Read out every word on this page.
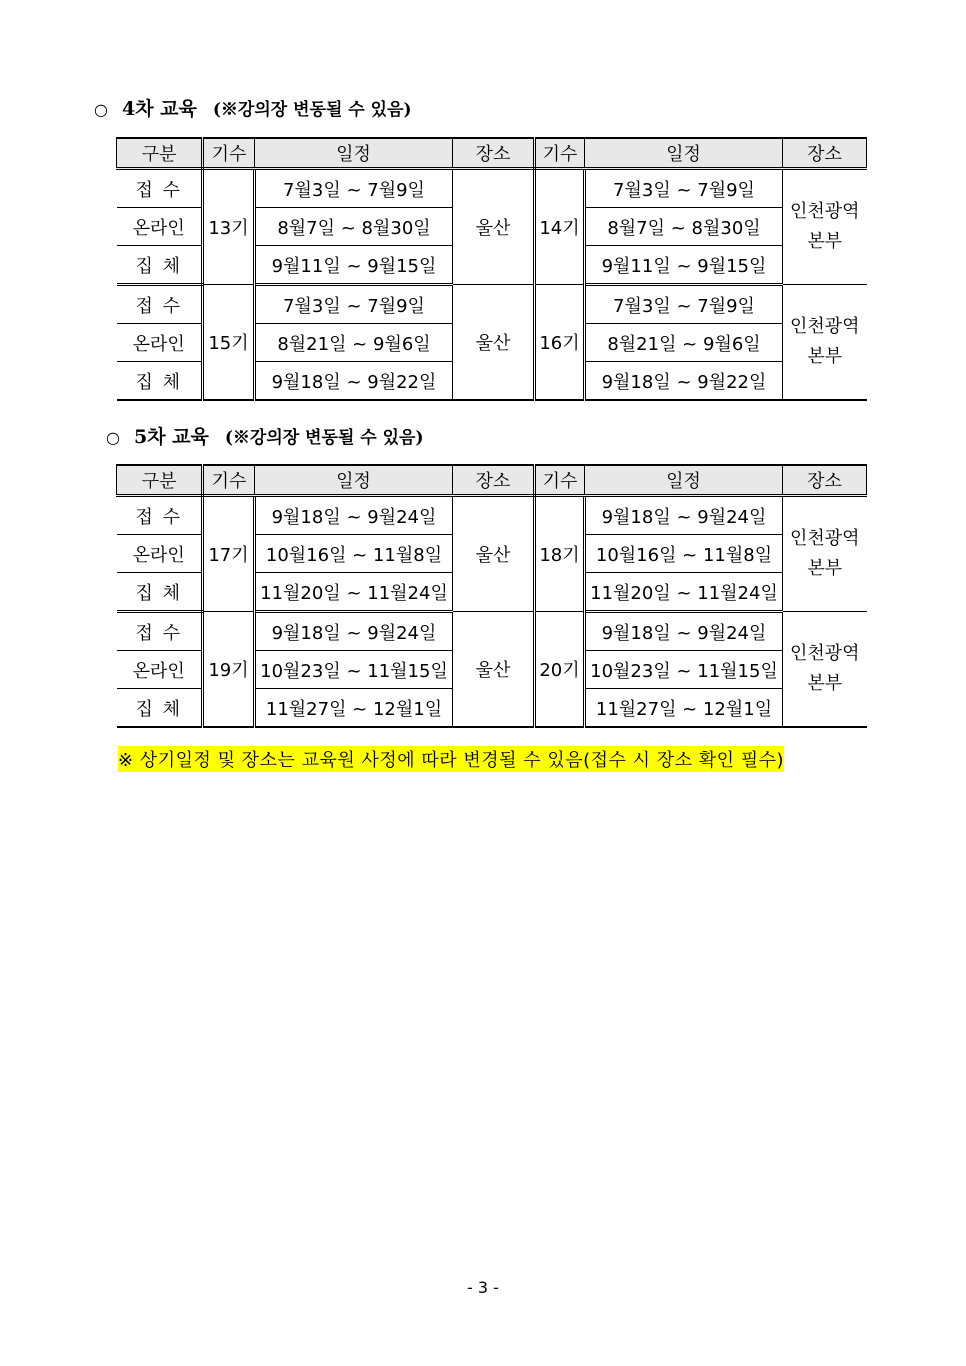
○ 4차 교육 (※강의장 변동될 수 있음)
구분	기수	일정	장소	기수	일정	장소
접 수	13기	7월3일 ~ 7월9일	울산	14기	7월3일 ~ 7월9일	인천광역
본부
온라인		8월7일 ~ 8월30일			8월7일 ~ 8월30일	
집 체		9월11일 ~ 9월15일			9월11일 ~ 9월15일	
접 수	15기	7월3일 ~ 7월9일	울산	16기	7월3일 ~ 7월9일	인천광역
본부
온라인		8월21일 ~ 9월6일			8월21일 ~ 9월6일	
집 체		9월18일 ~ 9월22일			9월18일 ~ 9월22일	
○ 5차 교육 (※강의장 변동될 수 있음)
구분	기수	일정	장소	기수	일정	장소
접 수	17기	9월18일 ~ 9월24일	울산	18기	9월18일 ~ 9월24일	인천광역
본부
온라인		10월16일 ~ 11월8일			10월16일 ~ 11월8일	
집 체		11월20일 ~ 11월24일			11월20일 ~ 11월24일	
접 수	19기	9월18일 ~ 9월24일	울산	20기	9월18일 ~ 9월24일	인천광역
본부
온라인		10월23일 ~ 11월15일			10월23일 ~ 11월15일	
집 체		11월27일 ~ 12월1일			11월27일 ~ 12월1일	
※ 상기일정 및 장소는 교육원 사정에 따라 변경될 수 있음(접수 시 장소 확인 필수)
- 3 -
